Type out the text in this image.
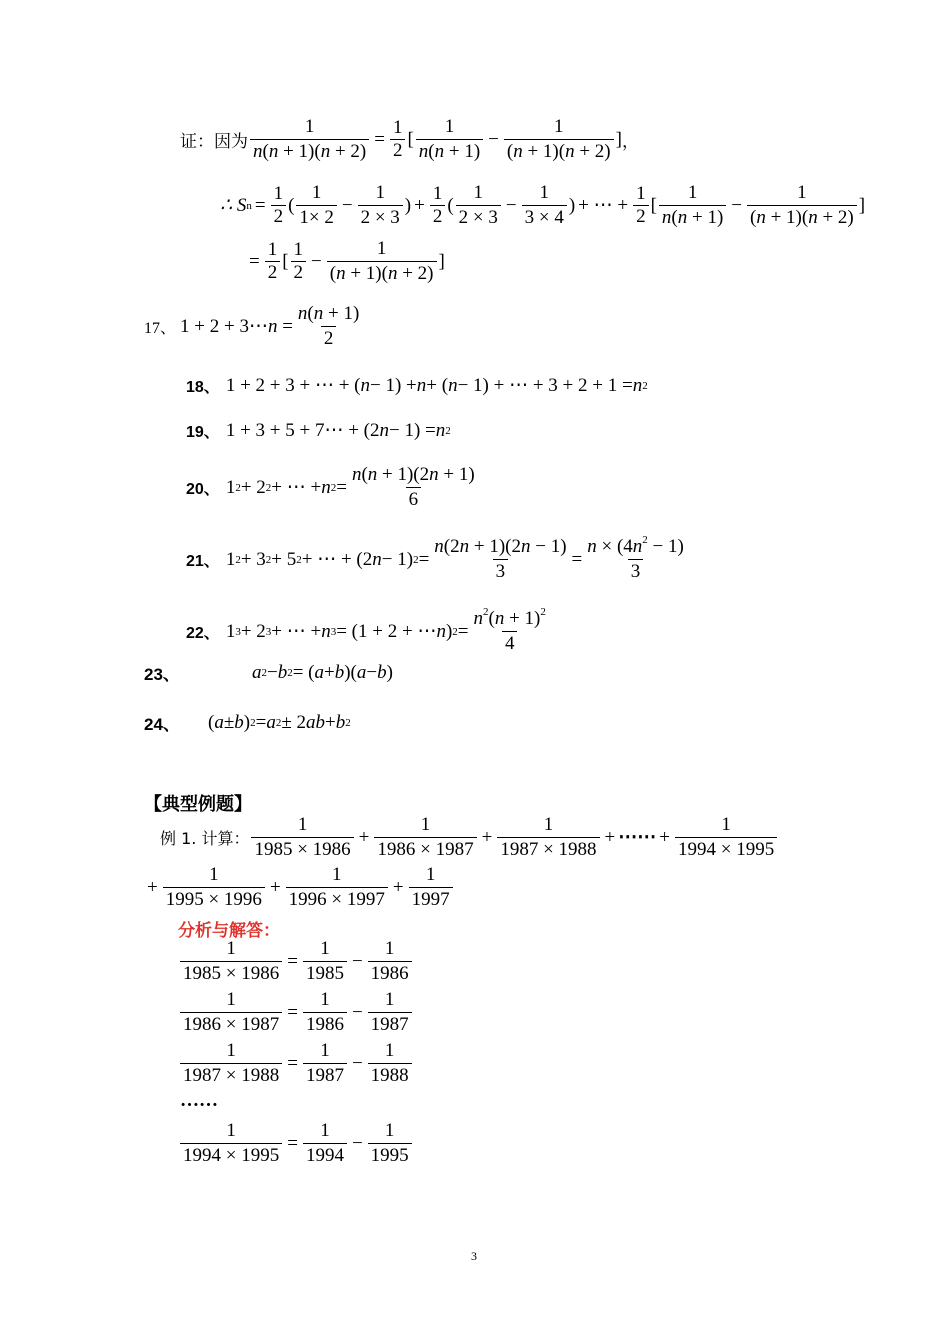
证：因为 $\frac{1}{n(n + 1)(n + 2)} = \frac{1}{2}$ [ $\frac{1}{n(n + 1)} - \frac{1}{(n + 1)(n + 2)}$ ] ，
∴ S $n = \frac{1}{2}$ ( $\frac{1}{1\times 2} - \frac{1}{2 \times 3}$ ) + $\frac{1}{2}$ ( $\frac{1}{2 \times 3} - \frac{1}{3 \times 4}$ ) + ⋯ + $\frac{1}{2}$ [ $\frac{1}{n(n + 1)} - \frac{1}{(n + 1)(n + 2)}$ ]
= $\frac{1}{2}$ [ $\frac{1}{2} - \frac{1}{(n + 1)(n + 2)}$ ]
17、 1 + 2 + 3⋯ $n = \frac{n(n + 1)}{2}$
18、 1 + 2 + 3 + ⋯ + ( n − 1) + n + ( n − 1) + ⋯ + 3 + 2 + 1 = n 2
19、 1 + 3 + 5 + 7⋯ + (2 n − 1) = n 2
20、 1 2 + 2 2 + ⋯ + n $2 = \frac{n(n + 1)(2n + 1)}{6}$
21、 1 2 + 3 2 + 5 2 + ⋯ + (2 n − 1) $2 = \frac{n(2n + 1)(2n - 1)}{3} = \frac{n \times (4n^2 - 1)}{3}$
22、 1 3 + 2 3 + ⋯ + n 3 = (1 + 2 + ⋯ n ) $2 = \frac{n^2(n + 1)^2}{4}$
23、	a 2 − b 2 = ( a + b )( a − b )
24、	( a ± b ) 2 = a 2 ± 2 ab + b 2
【典型例题】
例 1. 计算： $\frac{1}{1985 \times 1986} + \frac{1}{1986 \times 1987} + \frac{1}{1987 \times 1988}$ + ⋯⋯ + $\frac{1}{1994 \times 1995}$
+ $\frac{1}{1995 \times 1996} + \frac{1}{1996 \times 1997} + \frac{1}{1997}$
分析与解答：
$\frac{1}{1985 \times 1986} = \frac{1}{1985} - \frac{1}{1986}$
$\frac{1}{1986 \times 1987} = \frac{1}{1986} - \frac{1}{1987}$
$\frac{1}{1987 \times 1988} = \frac{1}{1987} - \frac{1}{1988}$
……
$\frac{1}{1994 \times 1995} = \frac{1}{1994} - \frac{1}{1995}$
3
